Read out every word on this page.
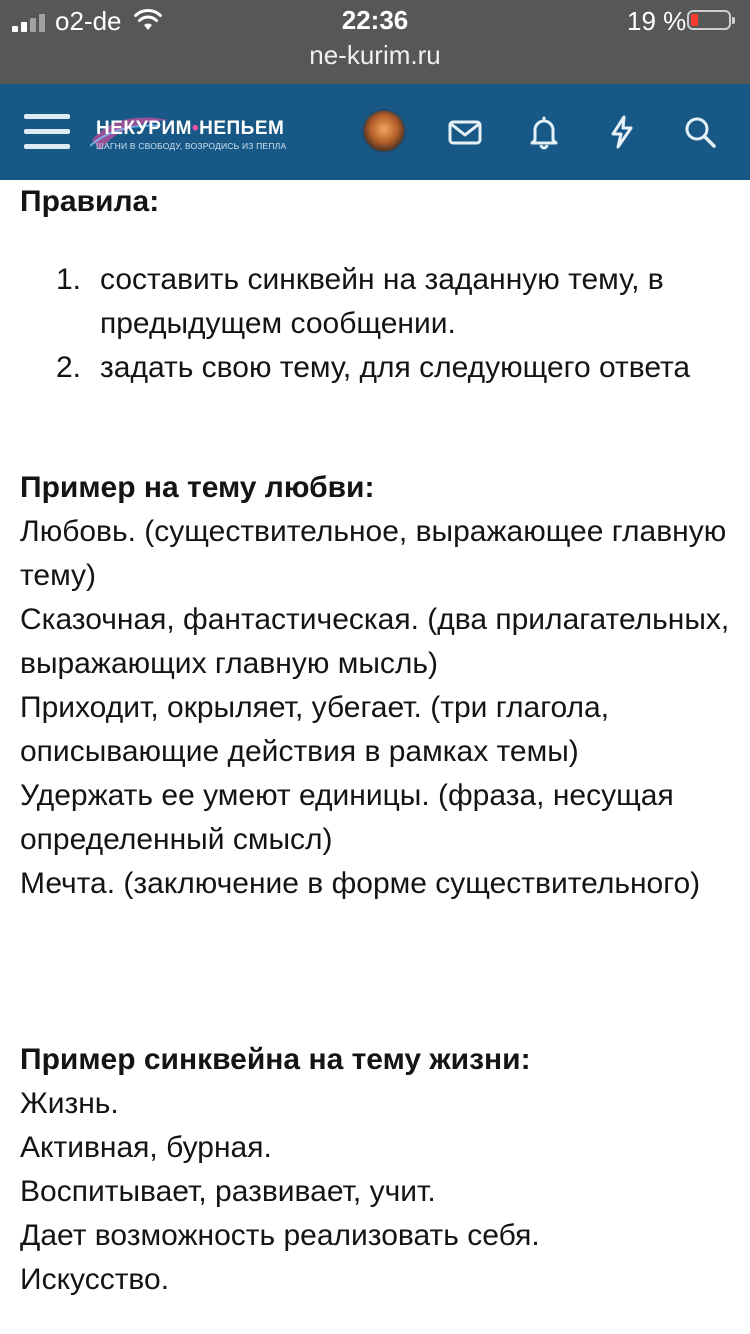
o2-de	22:36	19 %
ne-kurim.ru
НЕКУРИМ•НЕПЬЕМ
ШАГНИ В СВОБОДУ, ВОЗРОДИСЬ ИЗ ПЕПЛА

Правила:

1. составить синквейн на заданную тему, в предыдущем сообщении.
2. задать свою тему, для следующего ответа

Пример на тему любви:

Любовь. (существительное, выражающее главную тему)

Сказочная, фантастическая. (два прилагательных, выражающих главную мысль)

Приходит, окрыляет, убегает. (три глагола, описывающие действия в рамках темы)

Удержать ее умеют единицы. (фраза, несущая определенный смысл)

Мечта. (заключение в форме существительного)

Пример синквейна на тему жизни:

Жизнь.

Активная, бурная.

Воспитывает, развивает, учит.

Дает возможность реализовать себя.

Искусство.
